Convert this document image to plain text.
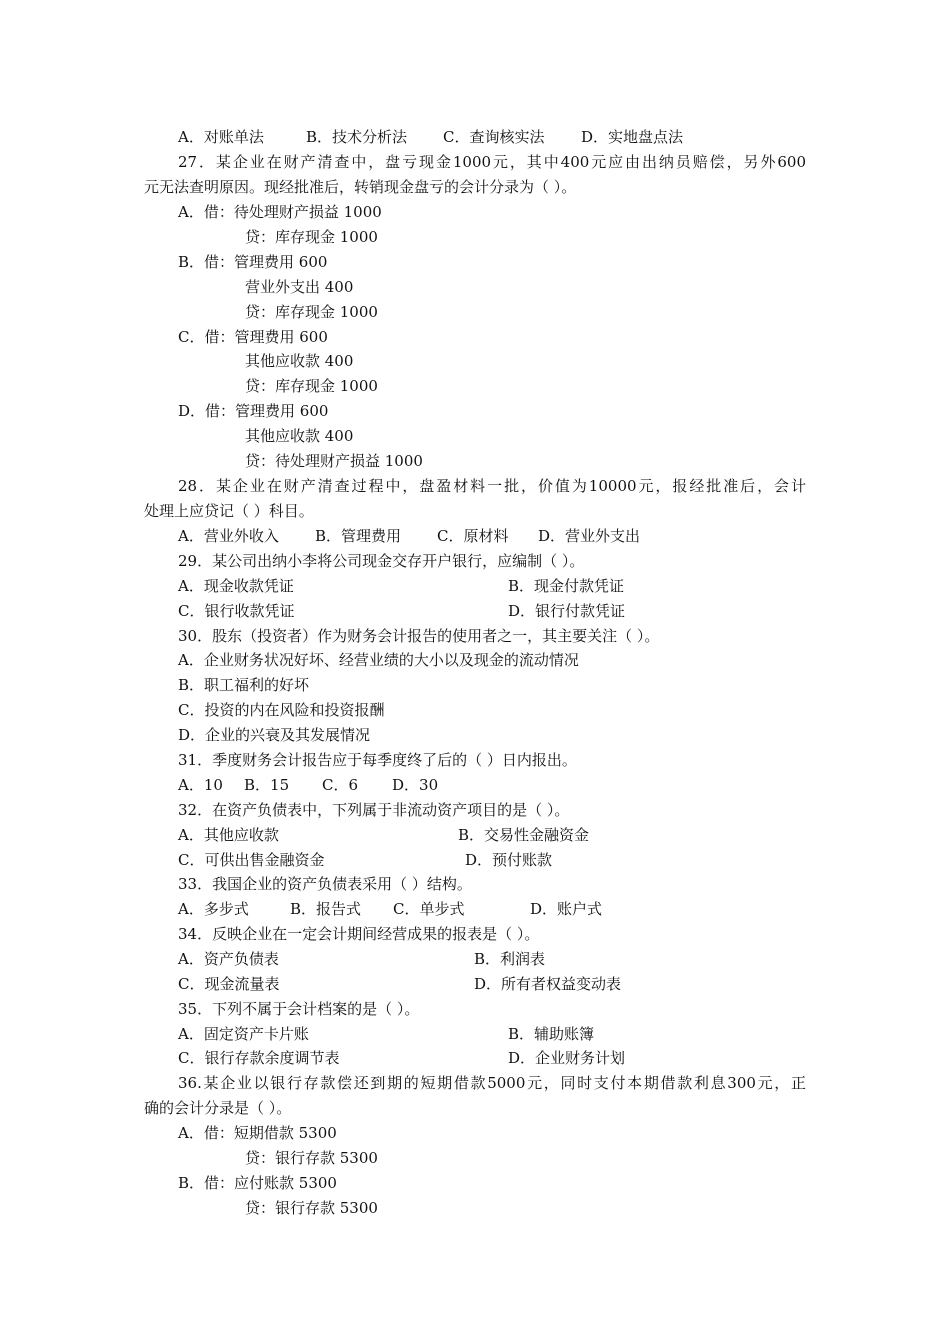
A．对账单法	B．技术分析法 C．查询核实法 D．实地盘点法
27．某企业在财产清查中，盘亏现金1000元，其中400元应由出纳员赔偿，另外600
元无法查明原因。现经批准后，转销现金盘亏的会计分录为（ ）。
A．借：待处理财产损益 1000
贷：库存现金 1000
B．借：管理费用 600
营业外支出 400
贷：库存现金 1000
C．借：管理费用 600
其他应收款 400
贷：库存现金 1000
D．借：管理费用 600
其他应收款 400
贷：待处理财产损益 1000
28．某企业在财产清查过程中，盘盈材料一批，价值为10000元，报经批准后，会计
处理上应贷记（ ）科目。
A．营业外收入 B．管理费用 C．原材料 D．营业外支出
29．某公司出纳小李将公司现金交存开户银行，应编制（ ）。
A．现金收款凭证	B．现金付款凭证
C．银行收款凭证	D．银行付款凭证
30．股东（投资者）作为财务会计报告的使用者之一，其主要关注（ ）。
A．企业财务状况好坏、经营业绩的大小以及现金的流动情况
B．职工福利的好坏
C．投资的内在风险和投资报酬
D．企业的兴衰及其发展情况
31．季度财务会计报告应于每季度终了后的（ ）日内报出。
A．10 B．15 C．6 D．30
32．在资产负债表中，下列属于非流动资产项目的是（ ）。
A．其他应收款	B．交易性金融资金
C．可供出售金融资金	D．预付账款
33．我国企业的资产负债表采用（ ）结构。
A．多步式	B．报告式 C．单步式	D．账户式
34．反映企业在一定会计期间经营成果的报表是（ ）。
A．资产负债表	B．利润表
C．现金流量表	D．所有者权益变动表
35．下列不属于会计档案的是（ ）。
A．固定资产卡片账	B．辅助账簿
C．银行存款余度调节表	D．企业财务计划
36.某企业以银行存款偿还到期的短期借款5000元，同时支付本期借款利息300元，正
确的会计分录是（ ）。
A．借：短期借款 5300
贷：银行存款 5300
B．借：应付账款 5300
贷：银行存款 5300
